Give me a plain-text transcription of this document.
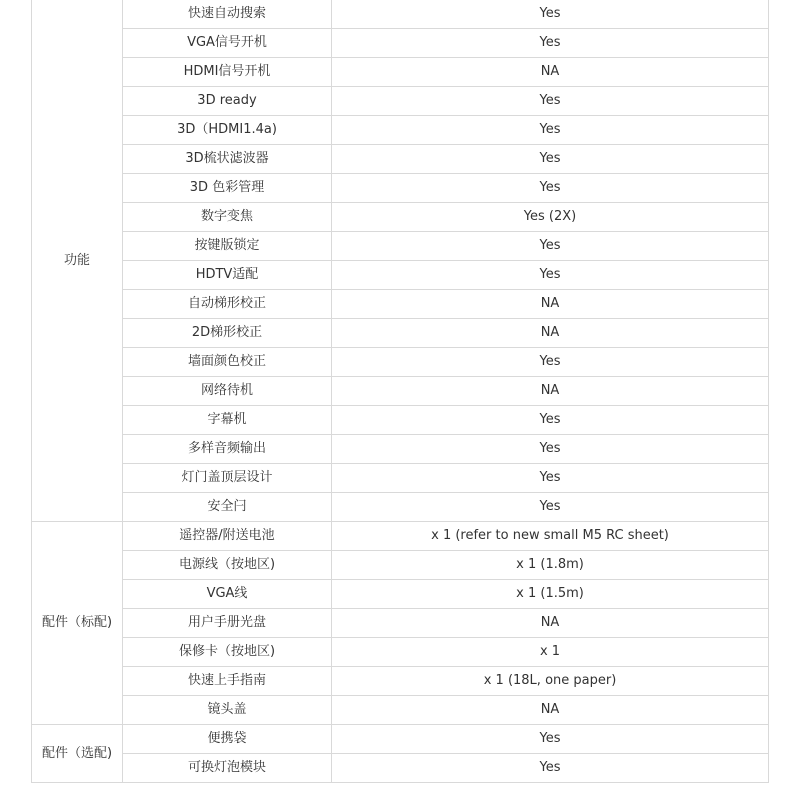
功能	快速自动搜索	Yes
	VGA信号开机	Yes
	HDMI信号开机	NA
	3D ready	Yes
	3D（HDMI1.4a)	Yes
	3D梳状滤波器	Yes
	3D 色彩管理	Yes
	数字变焦	Yes (2X)
	按键版锁定	Yes
	HDTV适配	Yes
	自动梯形校正	NA
	2D梯形校正	NA
	墙面颜色校正	Yes
	网络待机	NA
	字幕机	Yes
	多样音频输出	Yes
	灯门盖顶层设计	Yes
	安全闩	Yes
配件（标配)	遥控器/附送电池	x 1 (refer to new small M5 RC sheet)
	电源线（按地区)	x 1 (1.8m)
	VGA线	x 1 (1.5m)
	用户手册光盘	NA
	保修卡（按地区)	x 1
	快速上手指南	x 1 (18L, one paper)
	镜头盖	NA
配件（选配)	便携袋	Yes
	可换灯泡模块	Yes
